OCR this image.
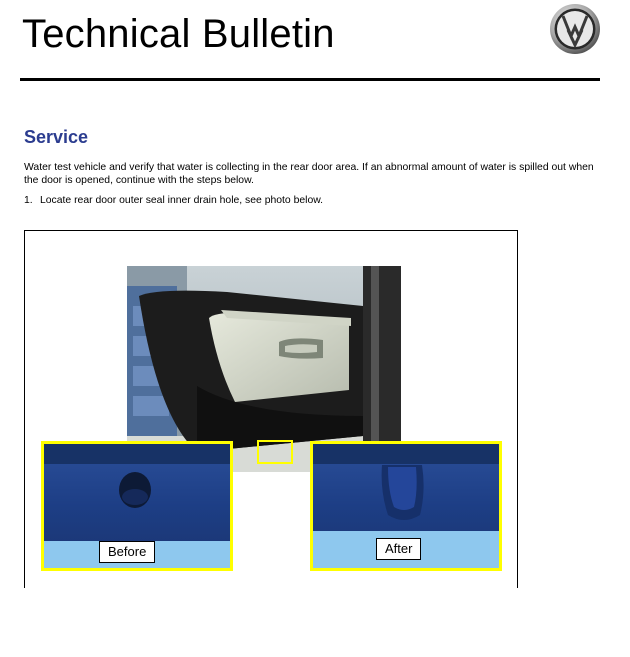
Technical Bulletin
Service

Water test vehicle and verify that water is collecting in the rear door area. If an abnormal amount of water is spilled out when the door is opened, continue with the steps below.

1. Locate rear door outer seal inner drain hole, see photo below.

Before	After
